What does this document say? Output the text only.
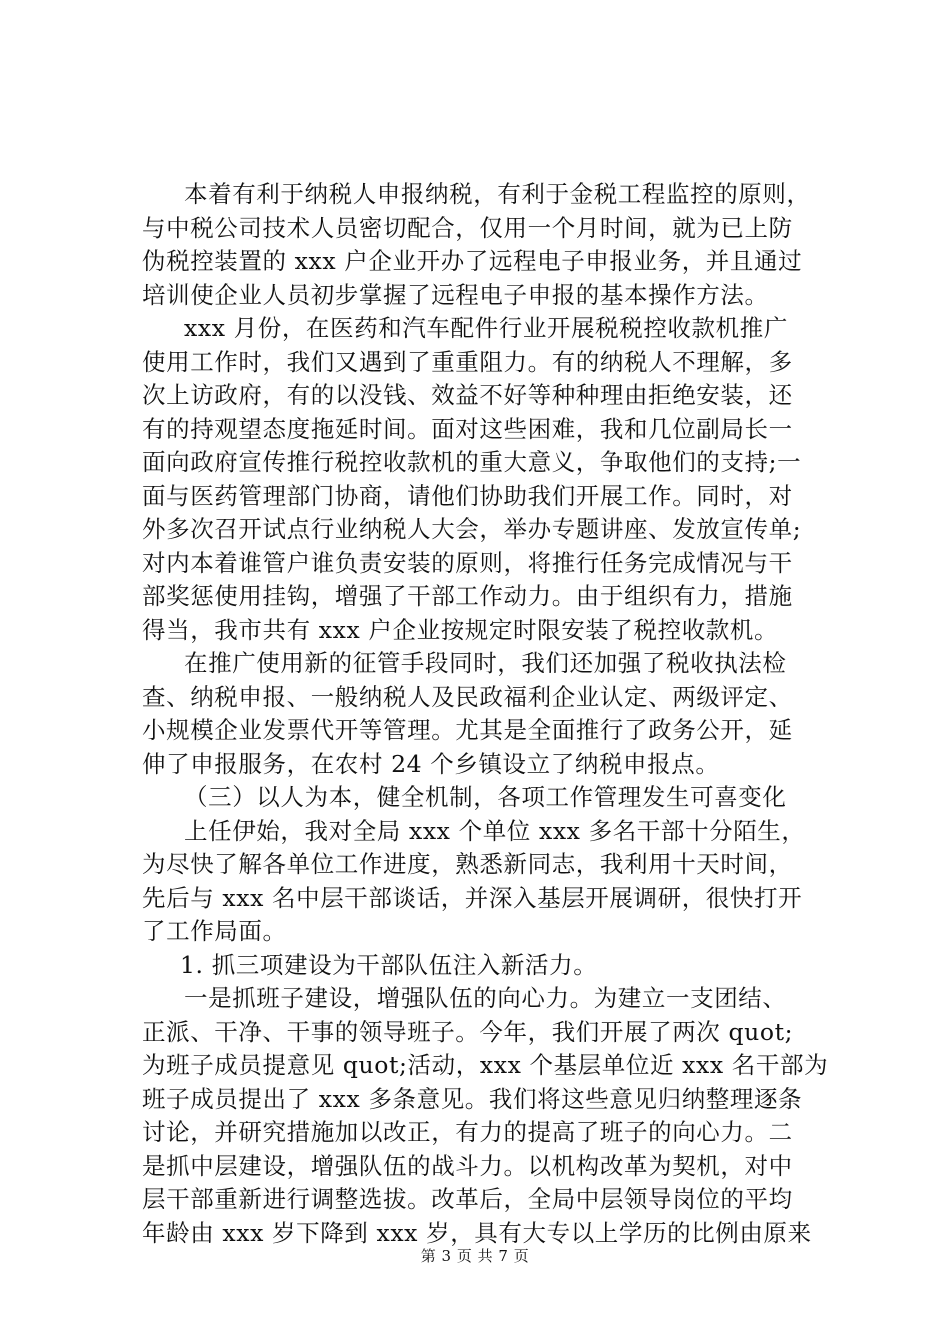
本着有利于纳税人申报纳税，有利于金税工程监控的原则，
与中税公司技术人员密切配合，仅用一个月时间，就为已上防
伪税控装置的 xxx 户企业开办了远程电子申报业务，并且通过
培训使企业人员初步掌握了远程电子申报的基本操作方法。
xxx 月份，在医药和汽车配件行业开展税税控收款机推广
使用工作时，我们又遇到了重重阻力。有的纳税人不理解，多
次上访政府，有的以没钱、效益不好等种种理由拒绝安装，还
有的持观望态度拖延时间。面对这些困难，我和几位副局长一
面向政府宣传推行税控收款机的重大意义，争取他们的支持;一
面与医药管理部门协商，请他们协助我们开展工作。同时，对
外多次召开试点行业纳税人大会，举办专题讲座、发放宣传单;
对内本着谁管户谁负责安装的原则，将推行任务完成情况与干
部奖惩使用挂钩，增强了干部工作动力。由于组织有力，措施
得当，我市共有 xxx 户企业按规定时限安装了税控收款机。
在推广使用新的征管手段同时，我们还加强了税收执法检
查、纳税申报、一般纳税人及民政福利企业认定、两级评定、
小规模企业发票代开等管理。尤其是全面推行了政务公开，延
伸了申报服务，在农村 24 个乡镇设立了纳税申报点。
（三）以人为本，健全机制，各项工作管理发生可喜变化
上任伊始，我对全局 xxx 个单位 xxx 多名干部十分陌生，
为尽快了解各单位工作进度，熟悉新同志，我利用十天时间，
先后与 xxx 名中层干部谈话，并深入基层开展调研，很快打开
了工作局面。
1. 抓三项建设为干部队伍注入新活力。
一是抓班子建设，增强队伍的向心力。为建立一支团结、
正派、干净、干事的领导班子。今年，我们开展了两次 quot;
为班子成员提意见 quot;活动，xxx 个基层单位近 xxx 名干部为
班子成员提出了 xxx 多条意见。我们将这些意见归纳整理逐条
讨论，并研究措施加以改正，有力的提高了班子的向心力。二
是抓中层建设，增强队伍的战斗力。以机构改革为契机，对中
层干部重新进行调整选拔。改革后，全局中层领导岗位的平均
年龄由 xxx 岁下降到 xxx 岁，具有大专以上学历的比例由原来
第 3 页 共 7 页
